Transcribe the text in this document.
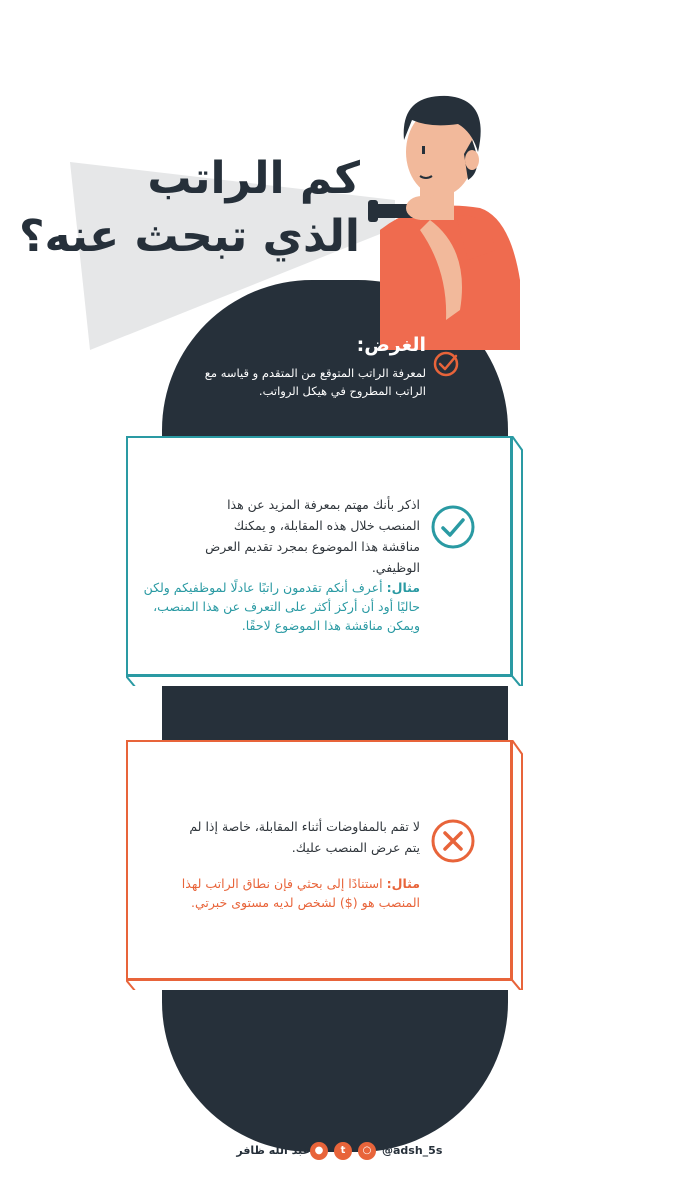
كم الراتب
الذي تبحث عنه؟
الغرض:
لمعرفة الراتب المتوقع من المتقدم و قياسه مع الراتب المطروح في هيكل الرواتب.
اذكر بأنك مهتم بمعرفة المزيد عن هذا المنصب خلال هذه المقابلة، و يمكنك مناقشة هذا الموضوع بمجرد تقديم العرض الوظيفي.
مثال: أعرف أنكم تقدمون راتبًا عادلًا لموظفيكم ولكن حاليًا أود أن أركز أكثر على التعرف عن هذا المنصب، ويمكن مناقشة هذا الموضوع لاحقًا.
لا تقم بالمفاوضات أثناء المقابلة، خاصة إذا لم يتم عرض المنصب عليك.
مثال: استنادًا إلى بحثي فإن نطاق الراتب لهذا المنصب هو ($) لشخص لديه مستوى خبرتي.
عبد الله ظافر ●	t	○ @adsh_5s
